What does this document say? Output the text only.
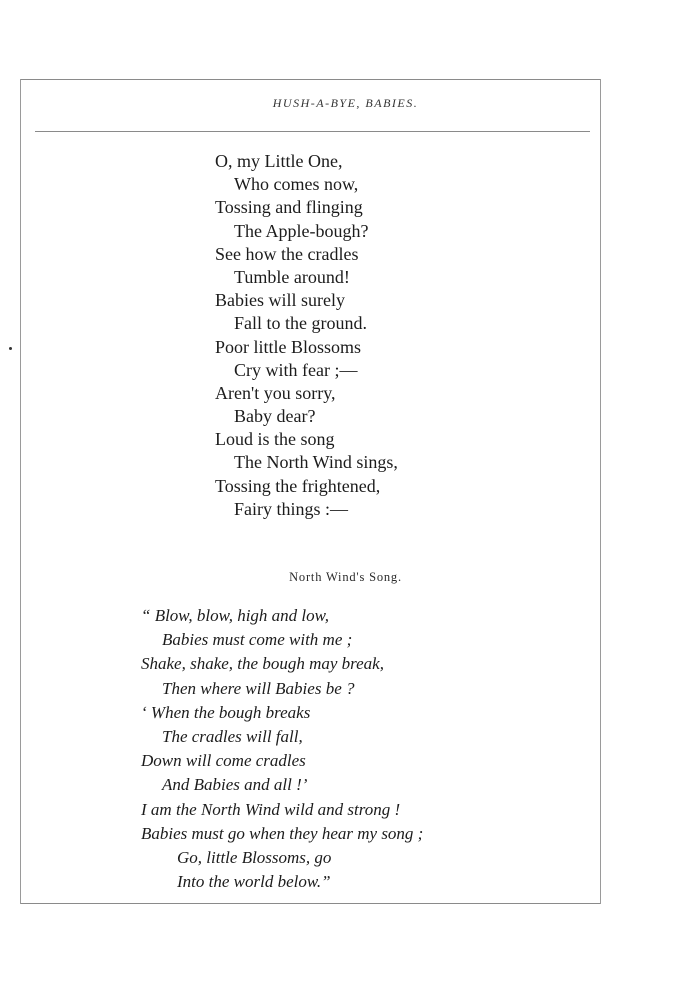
HUSH-A-BYE, BABIES.
O, my Little One,
Who comes now,
Tossing and flinging
The Apple-bough?
See how the cradles
Tumble around!
Babies will surely
Fall to the ground.
Poor little Blossoms
Cry with fear ;—
Aren't you sorry,
Baby dear?
Loud is the song
The North Wind sings,
Tossing the frightened,
Fairy things :—
North Wind's Song.
“ Blow, blow, high and low,
Babies must come with me ;
Shake, shake, the bough may break,
Then where will Babies be ?
‘ When the bough breaks
The cradles will fall,
Down will come cradles
And Babies and all !’
I am the North Wind wild and strong !
Babies must go when they hear my song ;
Go, little Blossoms, go
Into the world below.”
